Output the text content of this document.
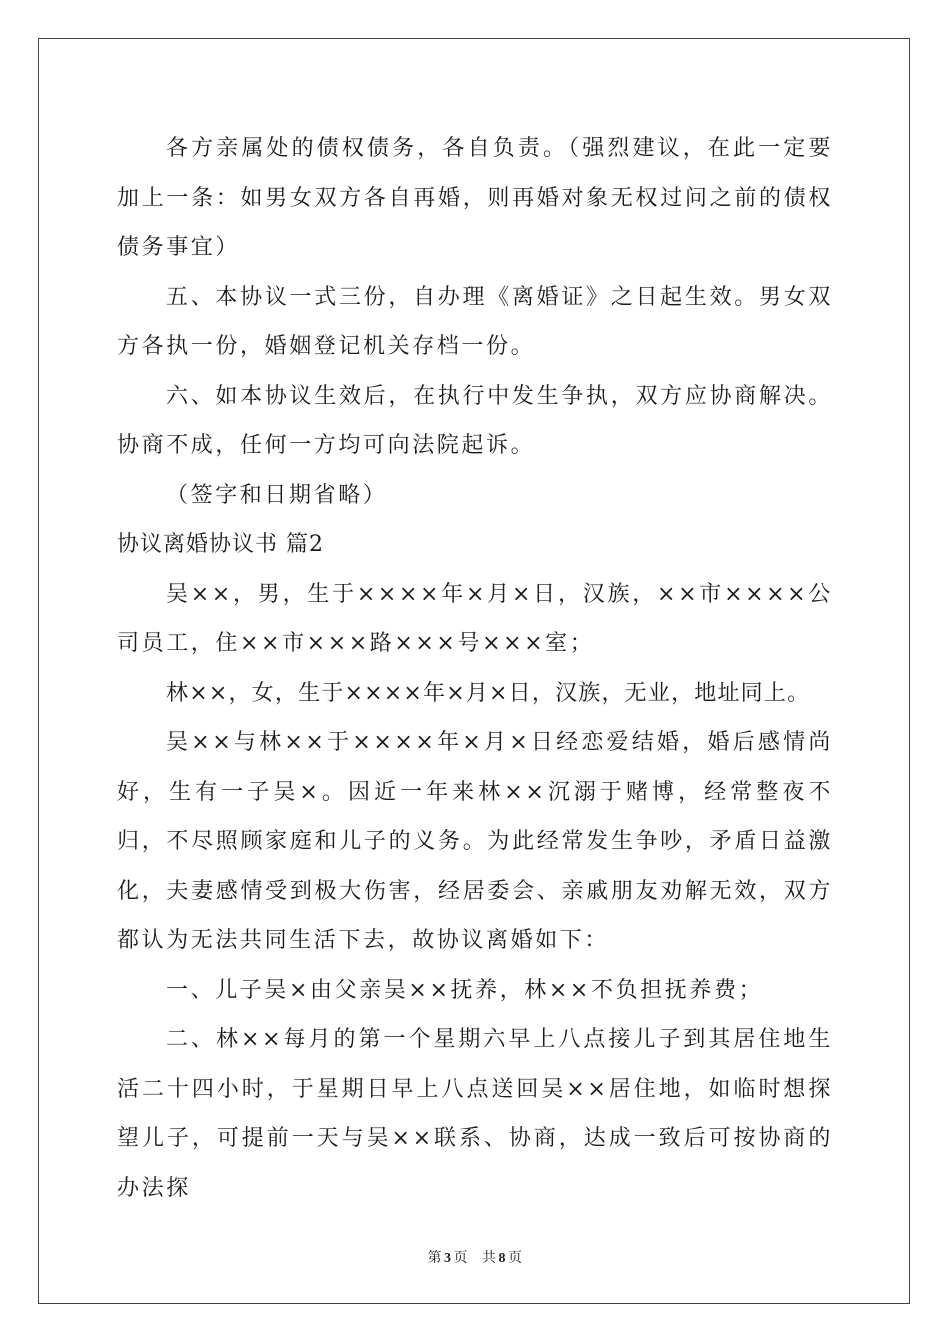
各方亲属处的债权债务，各自负责。（强烈建议，在此一定要加上一条：如男女双方各自再婚，则再婚对象无权过问之前的债权债务事宜）

五、本协议一式三份，自办理《离婚证》之日起生效。男女双方各执一份，婚姻登记机关存档一份。

六、如本协议生效后，在执行中发生争执，双方应协商解决。协商不成，任何一方均可向法院起诉。

（签字和日期省略）

协议离婚协议书 篇2

吴××，男，生于××××年×月×日，汉族，××市××××公司员工，住××市×××路×××号×××室；

林××，女，生于××××年×月×日，汉族，无业，地址同上。

吴××与林××于××××年×月×日经恋爱结婚，婚后感情尚好，生有一子吴×。因近一年来林××沉溺于赌博，经常整夜不归，不尽照顾家庭和儿子的义务。为此经常发生争吵，矛盾日益激化，夫妻感情受到极大伤害，经居委会、亲戚朋友劝解无效，双方都认为无法共同生活下去，故协议离婚如下：

一、儿子吴×由父亲吴××抚养，林××不负担抚养费；

二、林××每月的第一个星期六早上八点接儿子到其居住地生活二十四小时，于星期日早上八点送回吴××居住地，如临时想探望儿子，可提前一天与吴××联系、协商，达成一致后可按协商的办法探

第 3 页 共 8 页
